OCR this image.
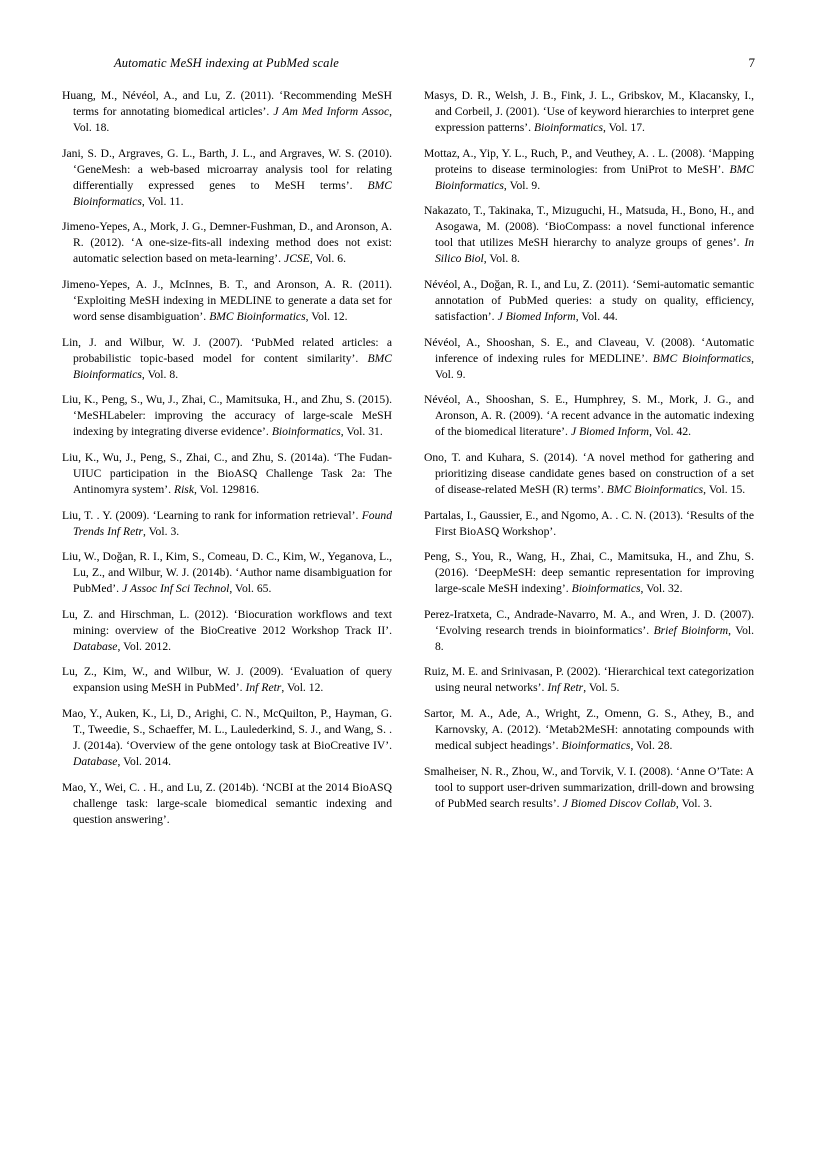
Automatic MeSH indexing at PubMed scale	7

Huang, M., Névéol, A., and Lu, Z. (2011). ‘Recommending MeSH terms for annotating biomedical articles’. J Am Med Inform Assoc, Vol. 18.

Jani, S. D., Argraves, G. L., Barth, J. L., and Argraves, W. S. (2010). ‘GeneMesh: a web-based microarray analysis tool for relating differentially expressed genes to MeSH terms’. BMC Bioinformatics, Vol. 11.

Jimeno-Yepes, A., Mork, J. G., Demner-Fushman, D., and Aronson, A. R. (2012). ‘A one-size-fits-all indexing method does not exist: automatic selection based on meta-learning’. JCSE, Vol. 6.

Jimeno-Yepes, A. J., McInnes, B. T., and Aronson, A. R. (2011). ‘Exploiting MeSH indexing in MEDLINE to generate a data set for word sense disambiguation’. BMC Bioinformatics, Vol. 12.

Lin, J. and Wilbur, W. J. (2007). ‘PubMed related articles: a probabilistic topic-based model for content similarity’. BMC Bioinformatics, Vol. 8.

Liu, K., Peng, S., Wu, J., Zhai, C., Mamitsuka, H., and Zhu, S. (2015). ‘MeSHLabeler: improving the accuracy of large-scale MeSH indexing by integrating diverse evidence’. Bioinformatics, Vol. 31.

Liu, K., Wu, J., Peng, S., Zhai, C., and Zhu, S. (2014a). ‘The Fudan-UIUC participation in the BioASQ Challenge Task 2a: The Antinomyra system’. Risk, Vol. 129816.

Liu, T. . Y. (2009). ‘Learning to rank for information retrieval’. Found Trends Inf Retr, Vol. 3.

Liu, W., Doğan, R. I., Kim, S., Comeau, D. C., Kim, W., Yeganova, L., Lu, Z., and Wilbur, W. J. (2014b). ‘Author name disambiguation for PubMed’. J Assoc Inf Sci Technol, Vol. 65.

Lu, Z. and Hirschman, L. (2012). ‘Biocuration workflows and text mining: overview of the BioCreative 2012 Workshop Track II’. Database, Vol. 2012.

Lu, Z., Kim, W., and Wilbur, W. J. (2009). ‘Evaluation of query expansion using MeSH in PubMed’. Inf Retr, Vol. 12.

Mao, Y., Auken, K., Li, D., Arighi, C. N., McQuilton, P., Hayman, G. T., Tweedie, S., Schaeffer, M. L., Laulederkind, S. J., and Wang, S. . J. (2014a). ‘Overview of the gene ontology task at BioCreative IV’. Database, Vol. 2014.

Mao, Y., Wei, C. . H., and Lu, Z. (2014b). ‘NCBI at the 2014 BioASQ challenge task: large-scale biomedical semantic indexing and question answering’.

Masys, D. R., Welsh, J. B., Fink, J. L., Gribskov, M., Klacansky, I., and Corbeil, J. (2001). ‘Use of keyword hierarchies to interpret gene expression patterns’. Bioinformatics, Vol. 17.

Mottaz, A., Yip, Y. L., Ruch, P., and Veuthey, A. . L. (2008). ‘Mapping proteins to disease terminologies: from UniProt to MeSH’. BMC Bioinformatics, Vol. 9.

Nakazato, T., Takinaka, T., Mizuguchi, H., Matsuda, H., Bono, H., and Asogawa, M. (2008). ‘BioCompass: a novel functional inference tool that utilizes MeSH hierarchy to analyze groups of genes’. In Silico Biol, Vol. 8.

Névéol, A., Doğan, R. I., and Lu, Z. (2011). ‘Semi-automatic semantic annotation of PubMed queries: a study on quality, efficiency, satisfaction’. J Biomed Inform, Vol. 44.

Névéol, A., Shooshan, S. E., and Claveau, V. (2008). ‘Automatic inference of indexing rules for MEDLINE’. BMC Bioinformatics, Vol. 9.

Névéol, A., Shooshan, S. E., Humphrey, S. M., Mork, J. G., and Aronson, A. R. (2009). ‘A recent advance in the automatic indexing of the biomedical literature’. J Biomed Inform, Vol. 42.

Ono, T. and Kuhara, S. (2014). ‘A novel method for gathering and prioritizing disease candidate genes based on construction of a set of disease-related MeSH (R) terms’. BMC Bioinformatics, Vol. 15.

Partalas, I., Gaussier, E., and Ngomo, A. . C. N. (2013). ‘Results of the First BioASQ Workshop’.

Peng, S., You, R., Wang, H., Zhai, C., Mamitsuka, H., and Zhu, S. (2016). ‘DeepMeSH: deep semantic representation for improving large-scale MeSH indexing’. Bioinformatics, Vol. 32.

Perez-Iratxeta, C., Andrade-Navarro, M. A., and Wren, J. D. (2007). ‘Evolving research trends in bioinformatics’. Brief Bioinform, Vol. 8.

Ruiz, M. E. and Srinivasan, P. (2002). ‘Hierarchical text categorization using neural networks’. Inf Retr, Vol. 5.

Sartor, M. A., Ade, A., Wright, Z., Omenn, G. S., Athey, B., and Karnovsky, A. (2012). ‘Metab2MeSH: annotating compounds with medical subject headings’. Bioinformatics, Vol. 28.

Smalheiser, N. R., Zhou, W., and Torvik, V. I. (2008). ‘Anne O’Tate: A tool to support user-driven summarization, drill-down and browsing of PubMed search results’. J Biomed Discov Collab, Vol. 3.
